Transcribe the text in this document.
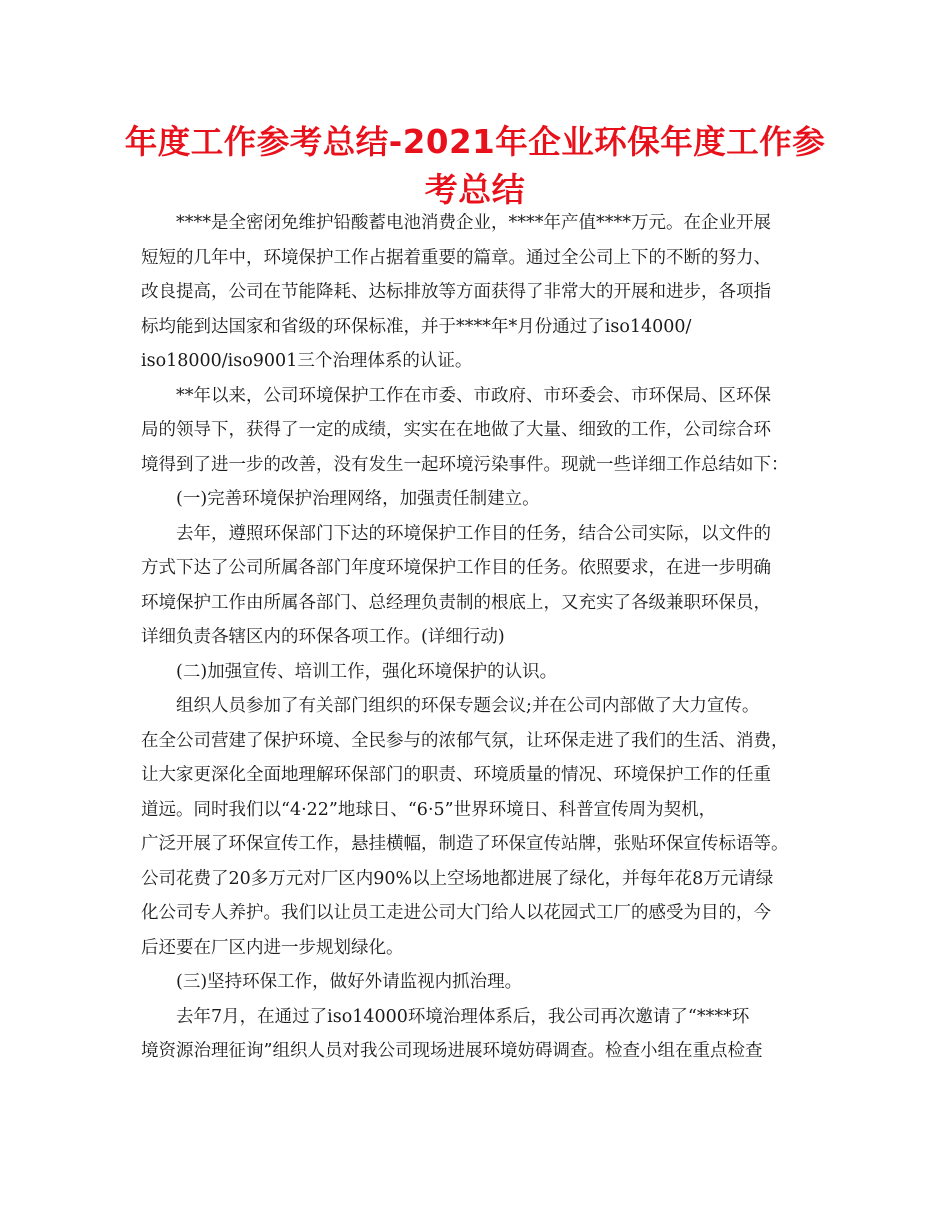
年度工作参考总结-2021年企业环保年度工作参
考总结
****是全密闭免维护铅酸蓄电池消费企业，****年产值****万元。在企业开展
短短的几年中，环境保护工作占据着重要的篇章。通过全公司上下的不断的努力、
改良提高，公司在节能降耗、达标排放等方面获得了非常大的开展和进步，各项指
标均能到达国家和省级的环保标准，并于****年*月份通过了iso14000/
iso18000/iso9001三个治理体系的认证。
**年以来，公司环境保护工作在市委、市政府、市环委会、市环保局、区环保
局的领导下，获得了一定的成绩，实实在在地做了大量、细致的工作，公司综合环
境得到了进一步的改善，没有发生一起环境污染事件。现就一些详细工作总结如下：
(一)完善环境保护治理网络，加强责任制建立。
去年，遵照环保部门下达的环境保护工作目的任务，结合公司实际，以文件的
方式下达了公司所属各部门年度环境保护工作目的任务。依照要求，在进一步明确
环境保护工作由所属各部门、总经理负责制的根底上，又充实了各级兼职环保员，
详细负责各辖区内的环保各项工作。(详细行动)
(二)加强宣传、培训工作，强化环境保护的认识。
组织人员参加了有关部门组织的环保专题会议;并在公司内部做了大力宣传。
在全公司营建了保护环境、全民参与的浓郁气氛，让环保走进了我们的生活、消费，
让大家更深化全面地理解环保部门的职责、环境质量的情况、环境保护工作的任重
道远。同时我们以“4·22”地球日、“6·5”世界环境日、科普宣传周为契机，
广泛开展了环保宣传工作，悬挂横幅，制造了环保宣传站牌，张贴环保宣传标语等。
公司花费了20多万元对厂区内90%以上空场地都进展了绿化，并每年花8万元请绿
化公司专人养护。我们以让员工走进公司大门给人以花园式工厂的感受为目的，今
后还要在厂区内进一步规划绿化。
(三)坚持环保工作，做好外请监视内抓治理。
去年7月，在通过了iso14000环境治理体系后，我公司再次邀请了“****环
境资源治理征询”组织人员对我公司现场进展环境妨碍调查。检查小组在重点检查
